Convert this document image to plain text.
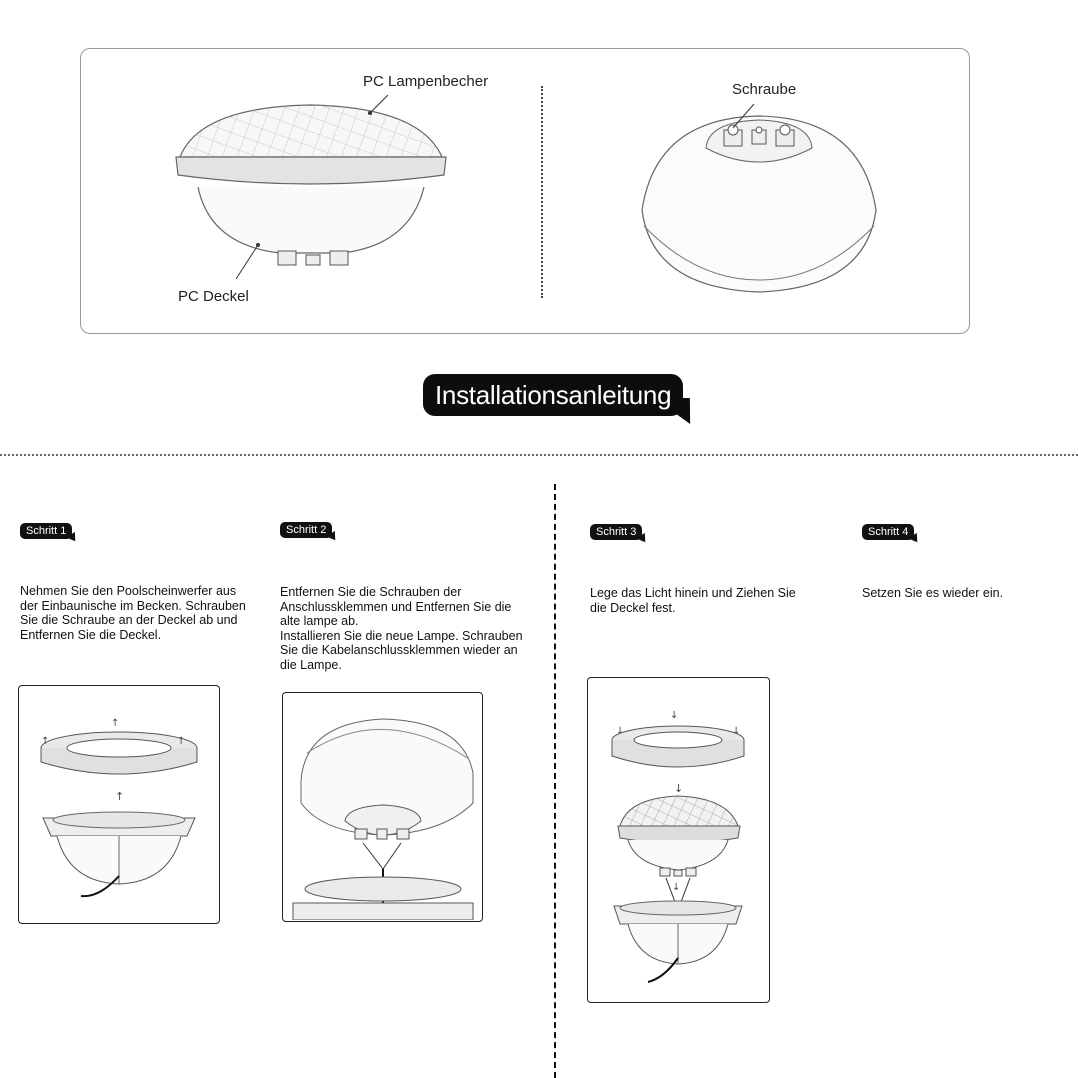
PC Lampenbecher
PC Deckel
Schraube
Installationsanleitung
Schritt 1
Nehmen Sie den Poolscheinwerfer aus
der Einbaunische im Becken. Schrauben
Sie die Schraube an der Deckel ab und
Entfernen Sie die Deckel.
↑
↑	↑
↑
Schritt 2
Entfernen Sie die Schrauben der
Anschlussklemmen und Entfernen Sie die
alte lampe ab.
Installieren Sie die neue Lampe. Schrauben
Sie die Kabelanschlussklemmen wieder an
die Lampe.
Schritt 3
Lege das Licht hinein und Ziehen Sie
die Deckel fest.
↓
↓	↓
↓
↓
Schritt 4
Setzen Sie es wieder ein.
